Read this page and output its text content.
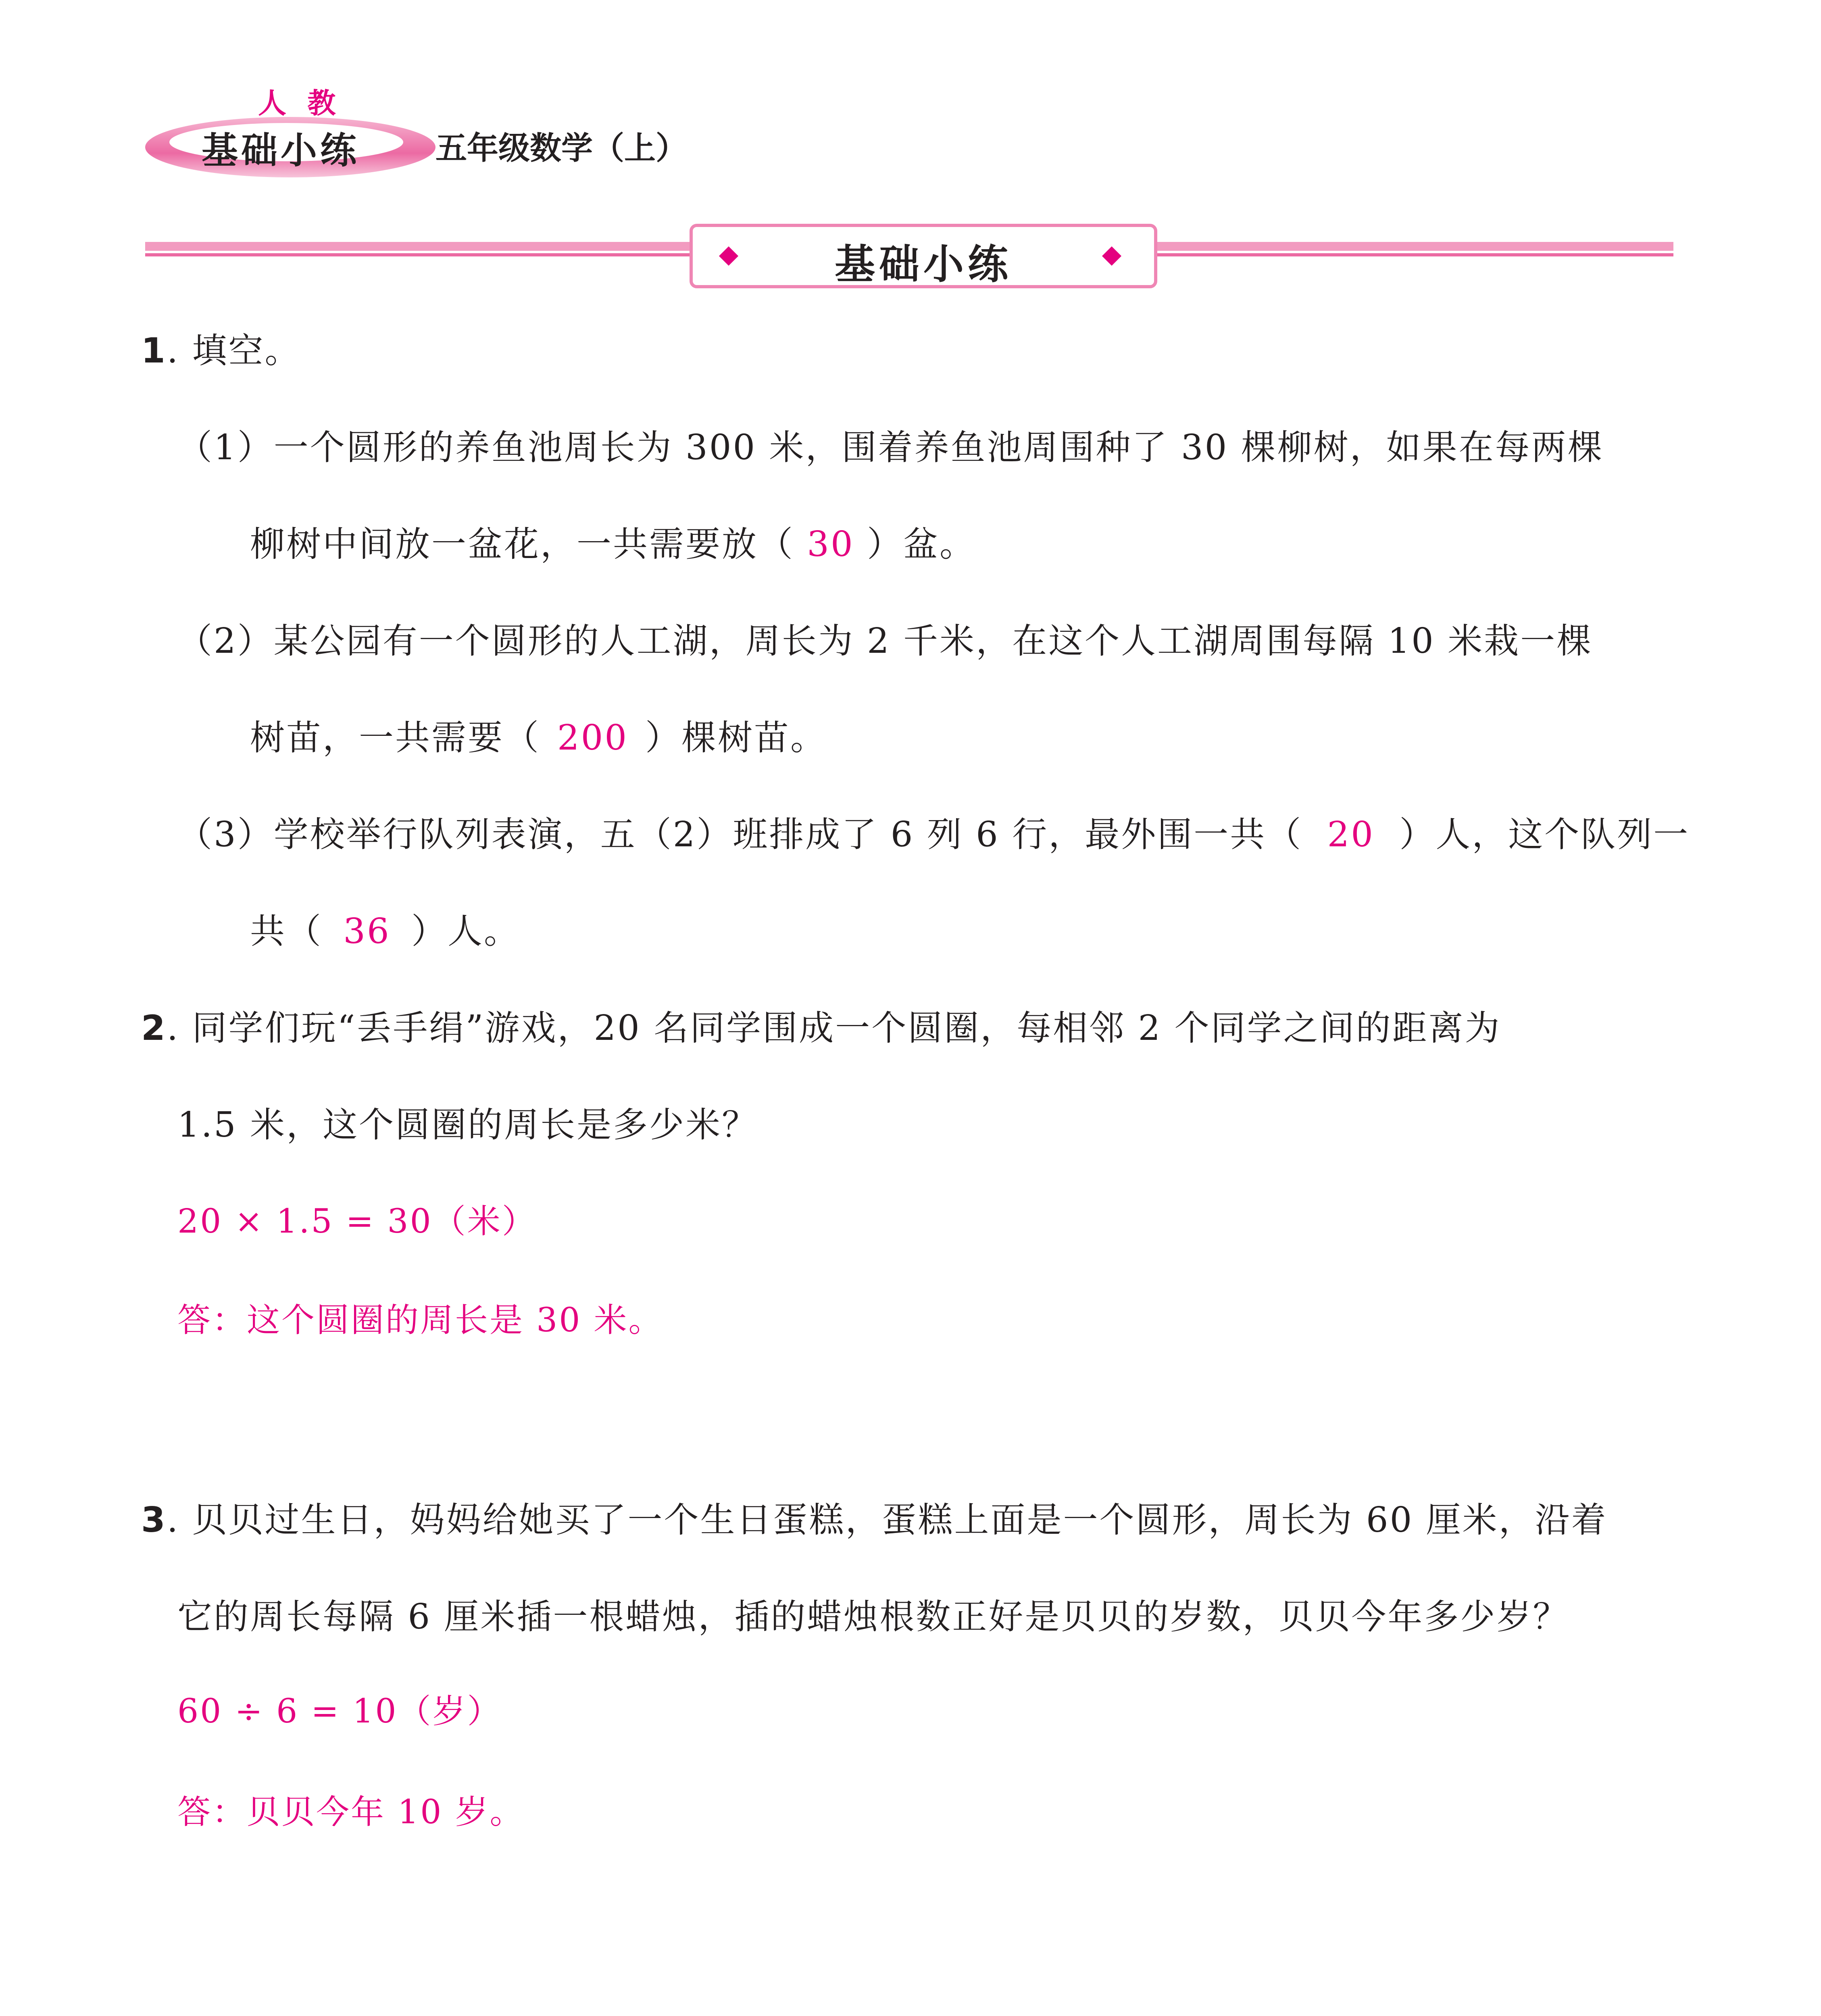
人 教
基础小练 五年级数学（上）
基础小练
1. 填空。
（1）一个圆形的养鱼池周长为 300 米，围着养鱼池周围种了 30 棵柳树，如果在每两棵
柳树中间放一盆花，一共需要放（ 30 ）盆。
（2）某公园有一个圆形的人工湖，周长为 2 千米，在这个人工湖周围每隔 10 米栽一棵
树苗，一共需要（ 200 ）棵树苗。
（3）学校举行队列表演，五（2）班排成了 6 列 6 行，最外围一共（ 20 ）人，这个队列一
共（ 36 ）人。
2. 同学们玩“丢手绢”游戏，20 名同学围成一个圆圈，每相邻 2 个同学之间的距离为
1.5 米，这个圆圈的周长是多少米？
20 × 1.5 = 30（米）
答：这个圆圈的周长是 30 米。
3. 贝贝过生日，妈妈给她买了一个生日蛋糕，蛋糕上面是一个圆形，周长为 60 厘米，沿着
它的周长每隔 6 厘米插一根蜡烛，插的蜡烛根数正好是贝贝的岁数，贝贝今年多少岁？
60 ÷ 6 = 10（岁）
答：贝贝今年 10 岁。
